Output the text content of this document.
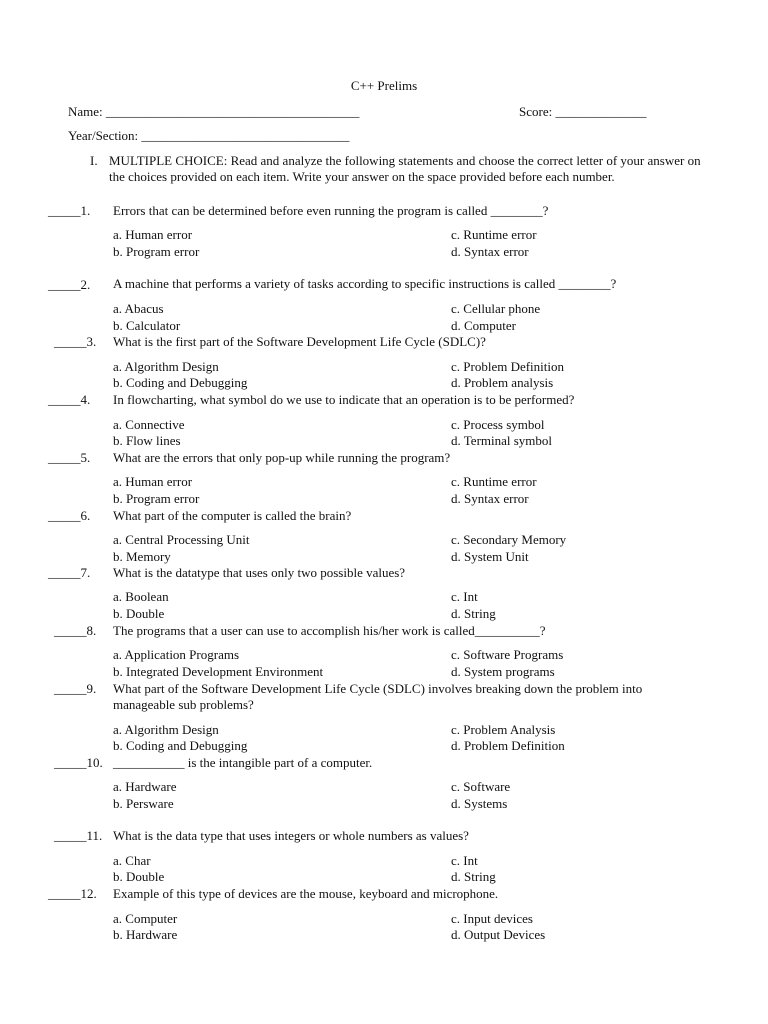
C++ Prelims
Name: _______________________________________	Score: ______________
Year/Section: ________________________________
I. MULTIPLE CHOICE: Read and analyze the following statements and choose the correct letter of your answer on the choices provided on each item. Write your answer on the space provided before each number.
_____1. Errors that can be determined before even running the program is called ________?
a. Human error
b. Program error
c. Runtime error
d. Syntax error
_____2. A machine that performs a variety of tasks according to specific instructions is called ________?
a. Abacus
b. Calculator
c. Cellular phone
d. Computer
_____3. What is the first part of the Software Development Life Cycle (SDLC)?
a. Algorithm Design
b. Coding and Debugging
c. Problem Definition
d. Problem analysis
_____4. In flowcharting, what symbol do we use to indicate that an operation is to be performed?
a. Connective
b. Flow lines
c. Process symbol
d. Terminal symbol
_____5. What are the errors that only pop-up while running the program?
a. Human error
b. Program error
c. Runtime error
d. Syntax error
_____6. What part of the computer is called the brain?
a. Central Processing Unit
b. Memory
c. Secondary Memory
d. System Unit
_____7. What is the datatype that uses only two possible values?
a. Boolean
b. Double
c. Int
d. String
_____8. The programs that a user can use to accomplish his/her work is called__________?
a. Application Programs
b. Integrated Development Environment
c. Software Programs
d. System programs
_____9. What part of the Software Development Life Cycle (SDLC) involves breaking down the problem into manageable sub problems?
a. Algorithm Design
b. Coding and Debugging
c. Problem Analysis
d. Problem Definition
_____10. ___________ is the intangible part of a computer.
a. Hardware
b. Persware
c. Software
d. Systems
_____11. What is the data type that uses integers or whole numbers as values?
a. Char
b. Double
c. Int
d. String
_____12. Example of this type of devices are the mouse, keyboard and microphone.
a. Computer
b. Hardware
c. Input devices
d. Output Devices
